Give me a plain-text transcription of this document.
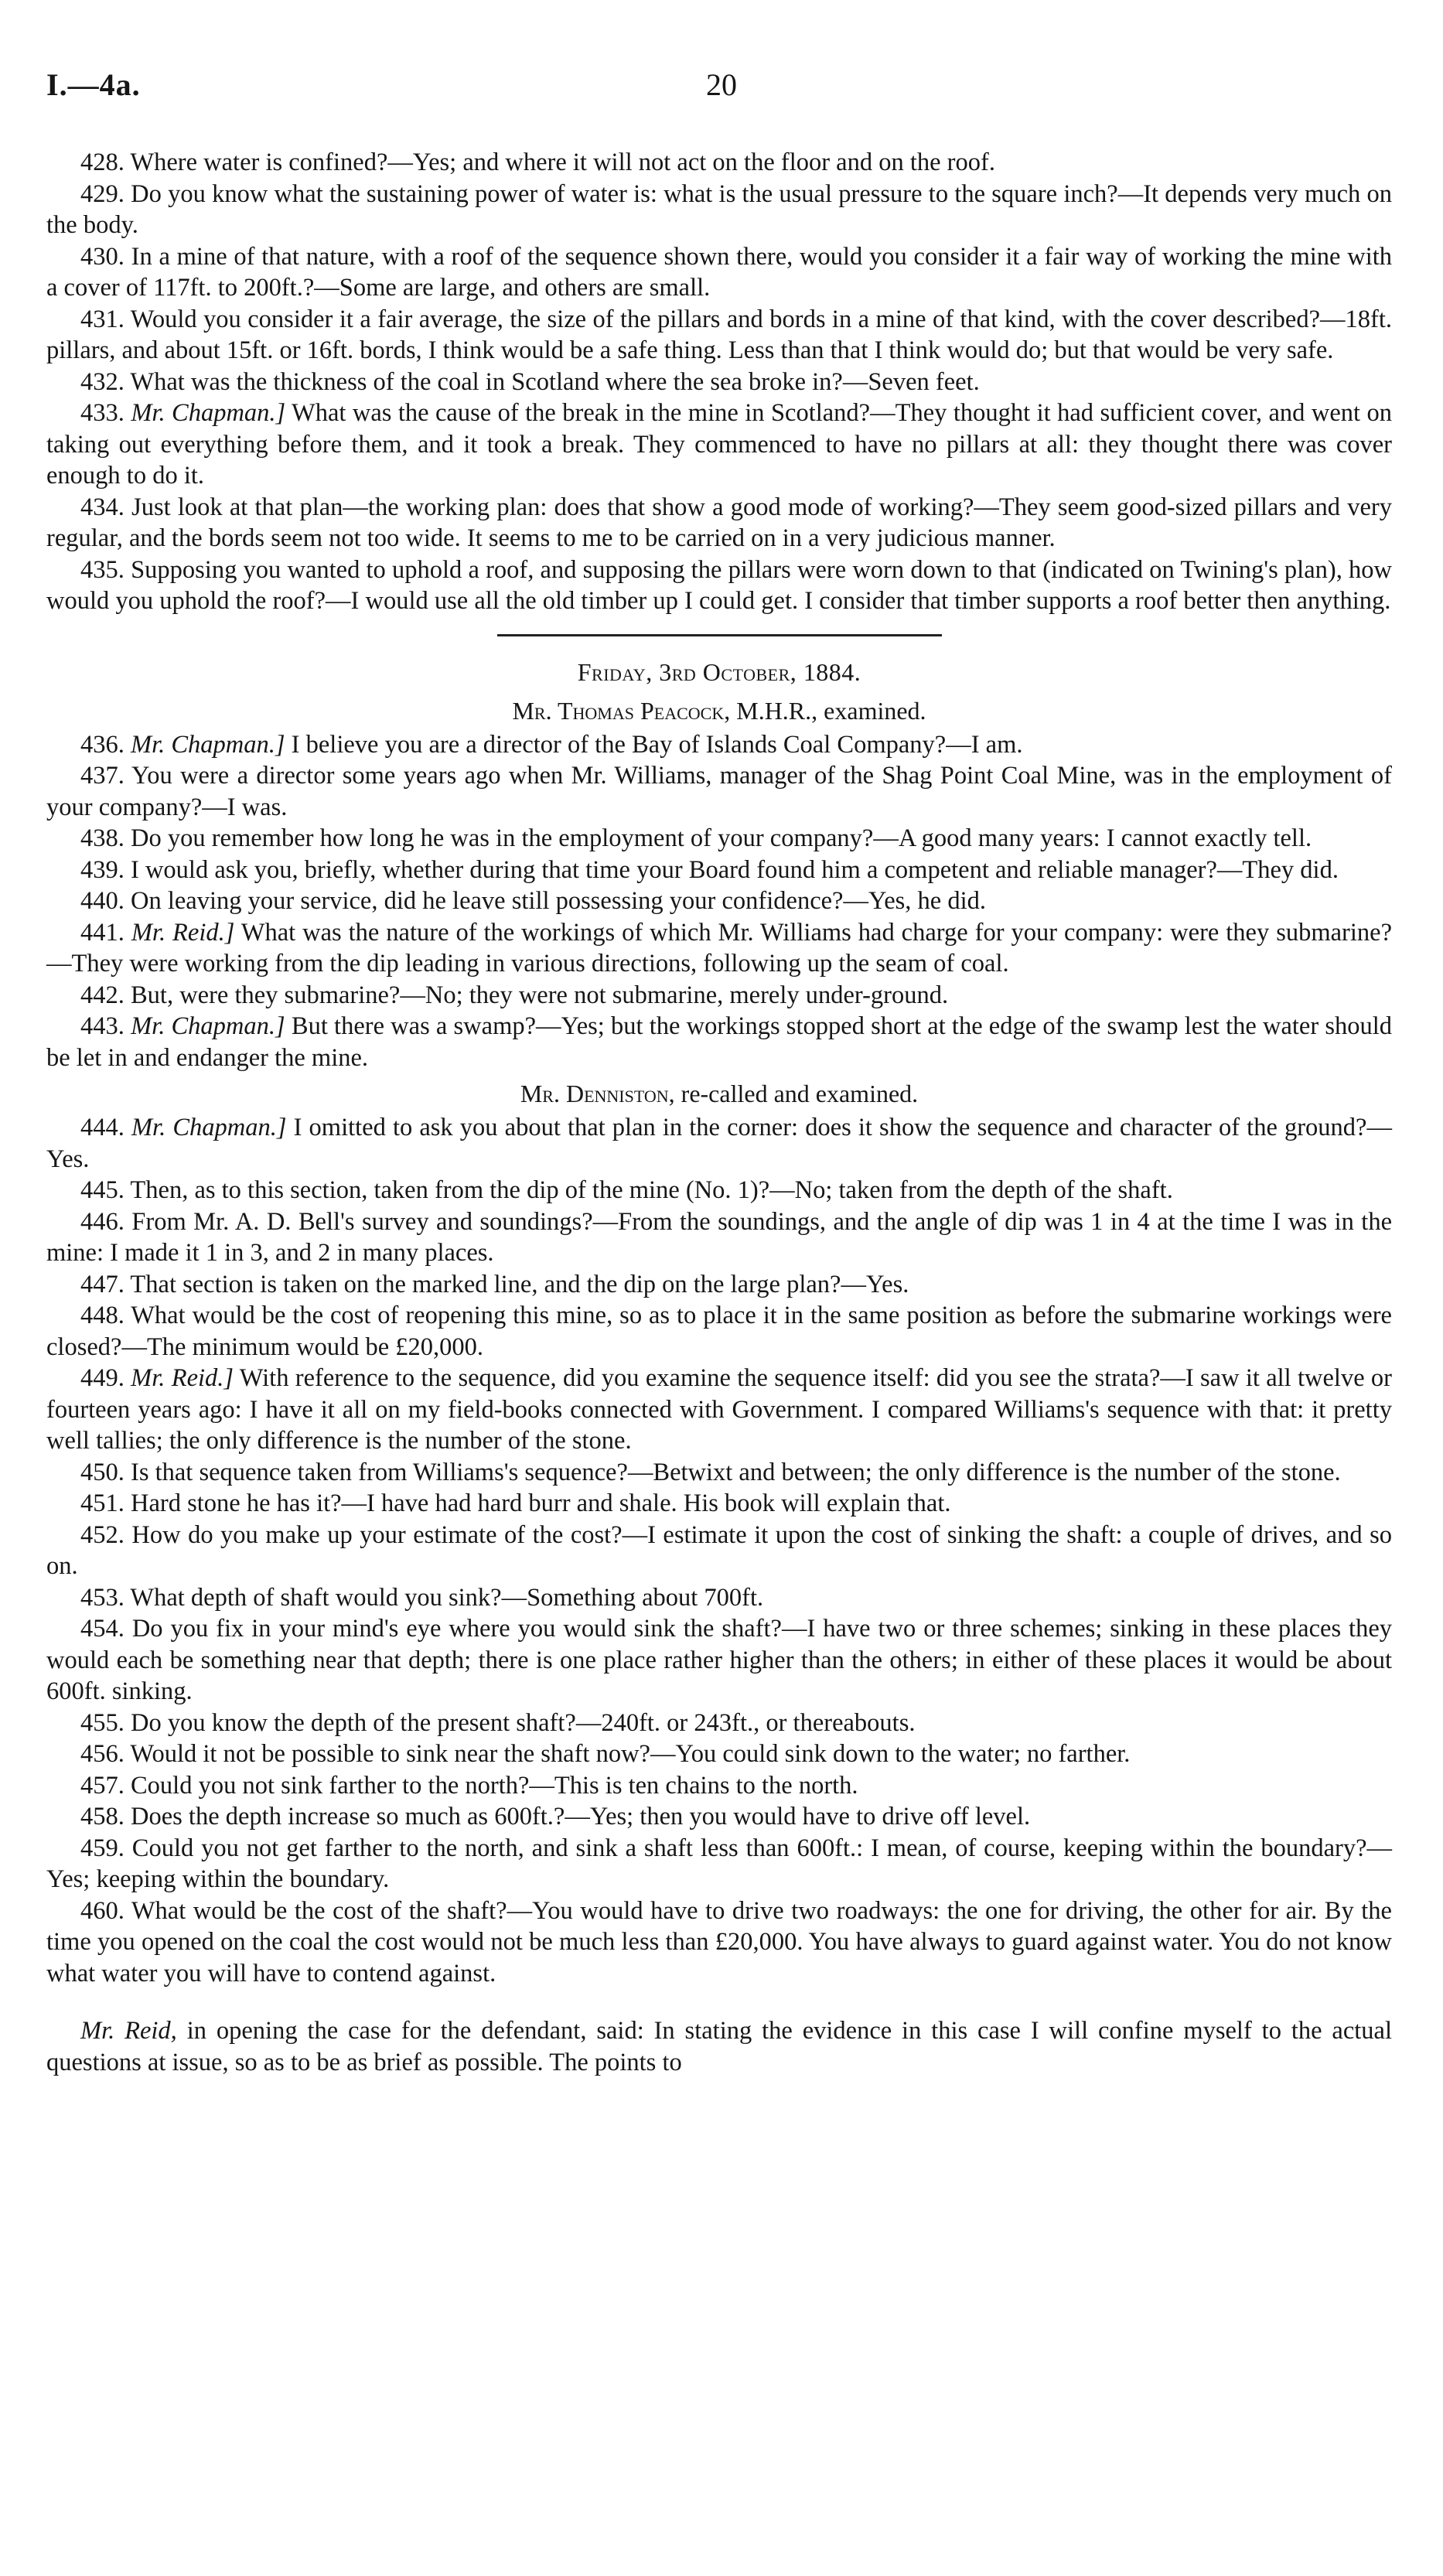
I.—4a.	20

428. Where water is confined?—Yes; and where it will not act on the floor and on the roof.

429. Do you know what the sustaining power of water is: what is the usual pressure to the square inch?—It depends very much on the body.

430. In a mine of that nature, with a roof of the sequence shown there, would you consider it a fair way of working the mine with a cover of 117ft. to 200ft.?—Some are large, and others are small.

431. Would you consider it a fair average, the size of the pillars and bords in a mine of that kind, with the cover described?—18ft. pillars, and about 15ft. or 16ft. bords, I think would be a safe thing. Less than that I think would do; but that would be very safe.

432. What was the thickness of the coal in Scotland where the sea broke in?—Seven feet.

433. Mr. Chapman.] What was the cause of the break in the mine in Scotland?—They thought it had sufficient cover, and went on taking out everything before them, and it took a break. They commenced to have no pillars at all: they thought there was cover enough to do it.

434. Just look at that plan—the working plan: does that show a good mode of working?—They seem good-sized pillars and very regular, and the bords seem not too wide. It seems to me to be carried on in a very judicious manner.

435. Supposing you wanted to uphold a roof, and supposing the pillars were worn down to that (indicated on Twining's plan), how would you uphold the roof?—I would use all the old timber up I could get. I consider that timber supports a roof better then anything.

Friday, 3rd October, 1884.

Mr. Thomas Peacock, M.H.R., examined.

436. Mr. Chapman.] I believe you are a director of the Bay of Islands Coal Company?—I am.

437. You were a director some years ago when Mr. Williams, manager of the Shag Point Coal Mine, was in the employment of your company?—I was.

438. Do you remember how long he was in the employment of your company?—A good many years: I cannot exactly tell.

439. I would ask you, briefly, whether during that time your Board found him a competent and reliable manager?—They did.

440. On leaving your service, did he leave still possessing your confidence?—Yes, he did.

441. Mr. Reid.] What was the nature of the workings of which Mr. Williams had charge for your company: were they submarine?—They were working from the dip leading in various directions, following up the seam of coal.

442. But, were they submarine?—No; they were not submarine, merely under-ground.

443. Mr. Chapman.] But there was a swamp?—Yes; but the workings stopped short at the edge of the swamp lest the water should be let in and endanger the mine.

Mr. Denniston, re-called and examined.

444. Mr. Chapman.] I omitted to ask you about that plan in the corner: does it show the sequence and character of the ground?—Yes.

445. Then, as to this section, taken from the dip of the mine (No. 1)?—No; taken from the depth of the shaft.

446. From Mr. A. D. Bell's survey and soundings?—From the soundings, and the angle of dip was 1 in 4 at the time I was in the mine: I made it 1 in 3, and 2 in many places.

447. That section is taken on the marked line, and the dip on the large plan?—Yes.

448. What would be the cost of reopening this mine, so as to place it in the same position as before the submarine workings were closed?—The minimum would be £20,000.

449. Mr. Reid.] With reference to the sequence, did you examine the sequence itself: did you see the strata?—I saw it all twelve or fourteen years ago: I have it all on my field-books connected with Government. I compared Williams's sequence with that: it pretty well tallies; the only difference is the number of the stone.

450. Is that sequence taken from Williams's sequence?—Betwixt and between; the only difference is the number of the stone.

451. Hard stone he has it?—I have had hard burr and shale. His book will explain that.

452. How do you make up your estimate of the cost?—I estimate it upon the cost of sinking the shaft: a couple of drives, and so on.

453. What depth of shaft would you sink?—Something about 700ft.

454. Do you fix in your mind's eye where you would sink the shaft?—I have two or three schemes; sinking in these places they would each be something near that depth; there is one place rather higher than the others; in either of these places it would be about 600ft. sinking.

455. Do you know the depth of the present shaft?—240ft. or 243ft., or thereabouts.

456. Would it not be possible to sink near the shaft now?—You could sink down to the water; no farther.

457. Could you not sink farther to the north?—This is ten chains to the north.

458. Does the depth increase so much as 600ft.?—Yes; then you would have to drive off level.

459. Could you not get farther to the north, and sink a shaft less than 600ft.: I mean, of course, keeping within the boundary?—Yes; keeping within the boundary.

460. What would be the cost of the shaft?—You would have to drive two roadways: the one for driving, the other for air. By the time you opened on the coal the cost would not be much less than £20,000. You have always to guard against water. You do not know what water you will have to contend against.

Mr. Reid, in opening the case for the defendant, said: In stating the evidence in this case I will confine myself to the actual questions at issue, so as to be as brief as possible. The points to
